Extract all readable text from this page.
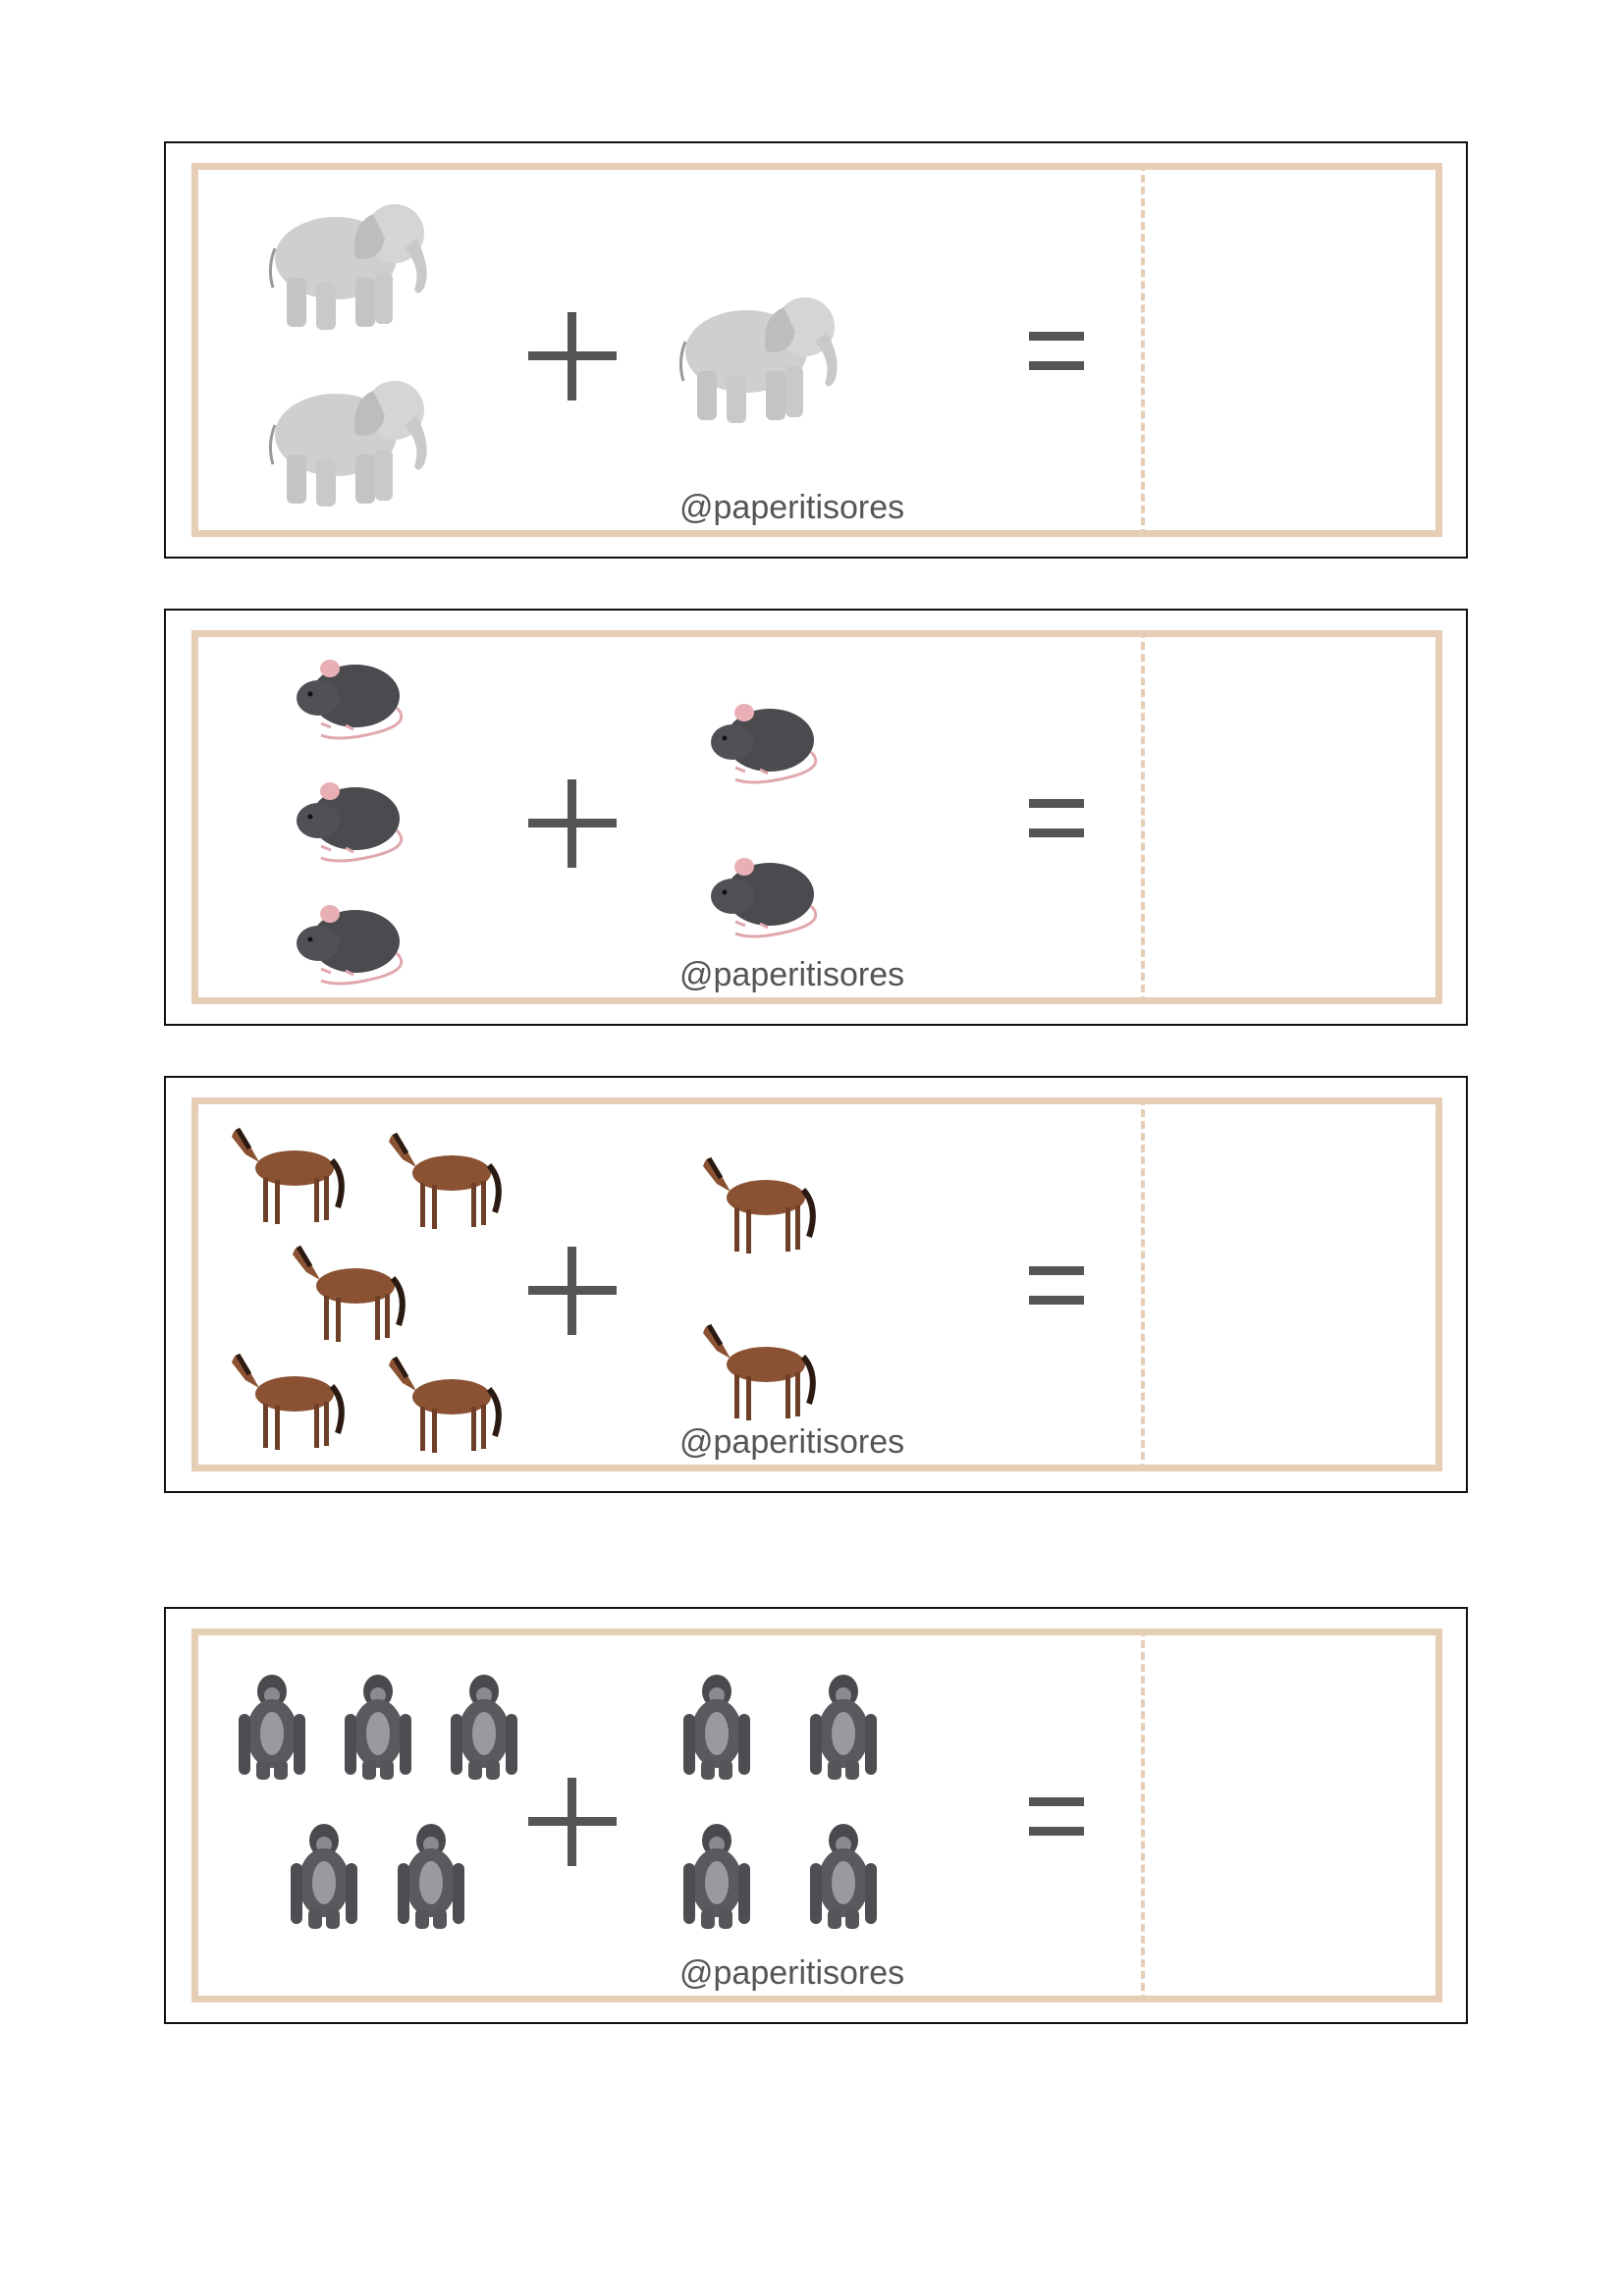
@paperitisores
@paperitisores
@paperitisores
@paperitisores
